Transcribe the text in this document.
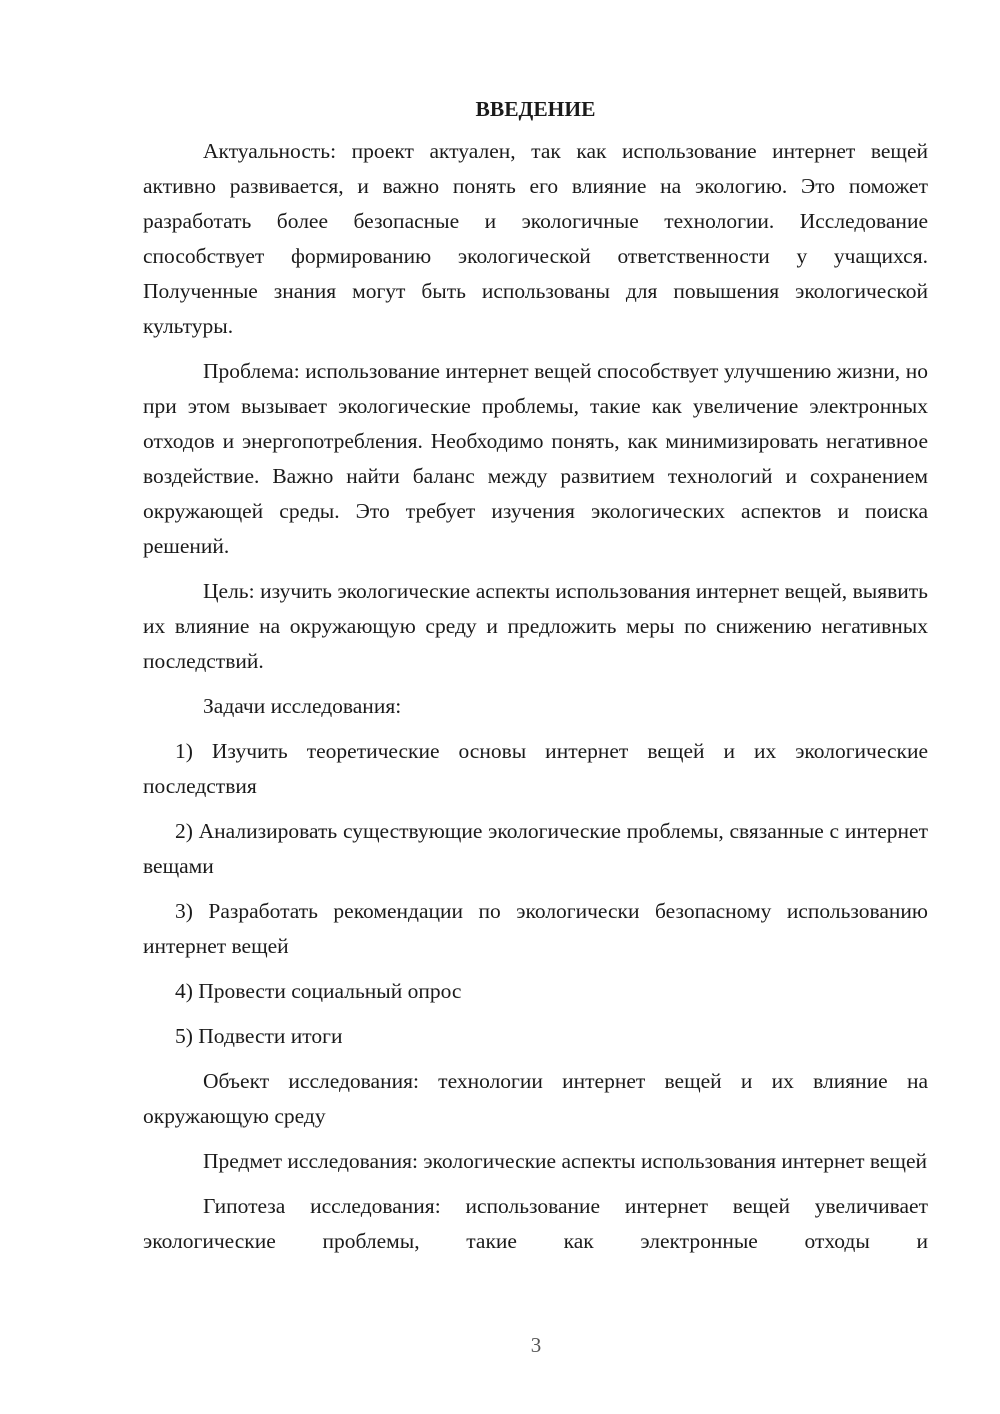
ВВЕДЕНИЕ

Актуальность: проект актуален, так как использование интернет вещей активно развивается, и важно понять его влияние на экологию. Это поможет разработать более безопасные и экологичные технологии. Исследование способствует формированию экологической ответственности у учащихся. Полученные знания могут быть использованы для повышения экологической культуры.

Проблема: использование интернет вещей способствует улучшению жизни, но при этом вызывает экологические проблемы, такие как увеличение электронных отходов и энергопотребления. Необходимо понять, как минимизировать негативное воздействие. Важно найти баланс между развитием технологий и сохранением окружающей среды. Это требует изучения экологических аспектов и поиска решений.

Цель: изучить экологические аспекты использования интернет вещей, выявить их влияние на окружающую среду и предложить меры по снижению негативных последствий.

Задачи исследования:

1) Изучить теоретические основы интернет вещей и их экологические последствия

2) Анализировать существующие экологические проблемы, связанные с интернет вещами

3) Разработать рекомендации по экологически безопасному использованию интернет вещей

4) Провести социальный опрос

5) Подвести итоги

Объект исследования: технологии интернет вещей и их влияние на окружающую среду

Предмет исследования: экологические аспекты использования интернет вещей

Гипотеза исследования: использование интернет вещей увеличивает экологические проблемы, такие как электронные отходы и

3
